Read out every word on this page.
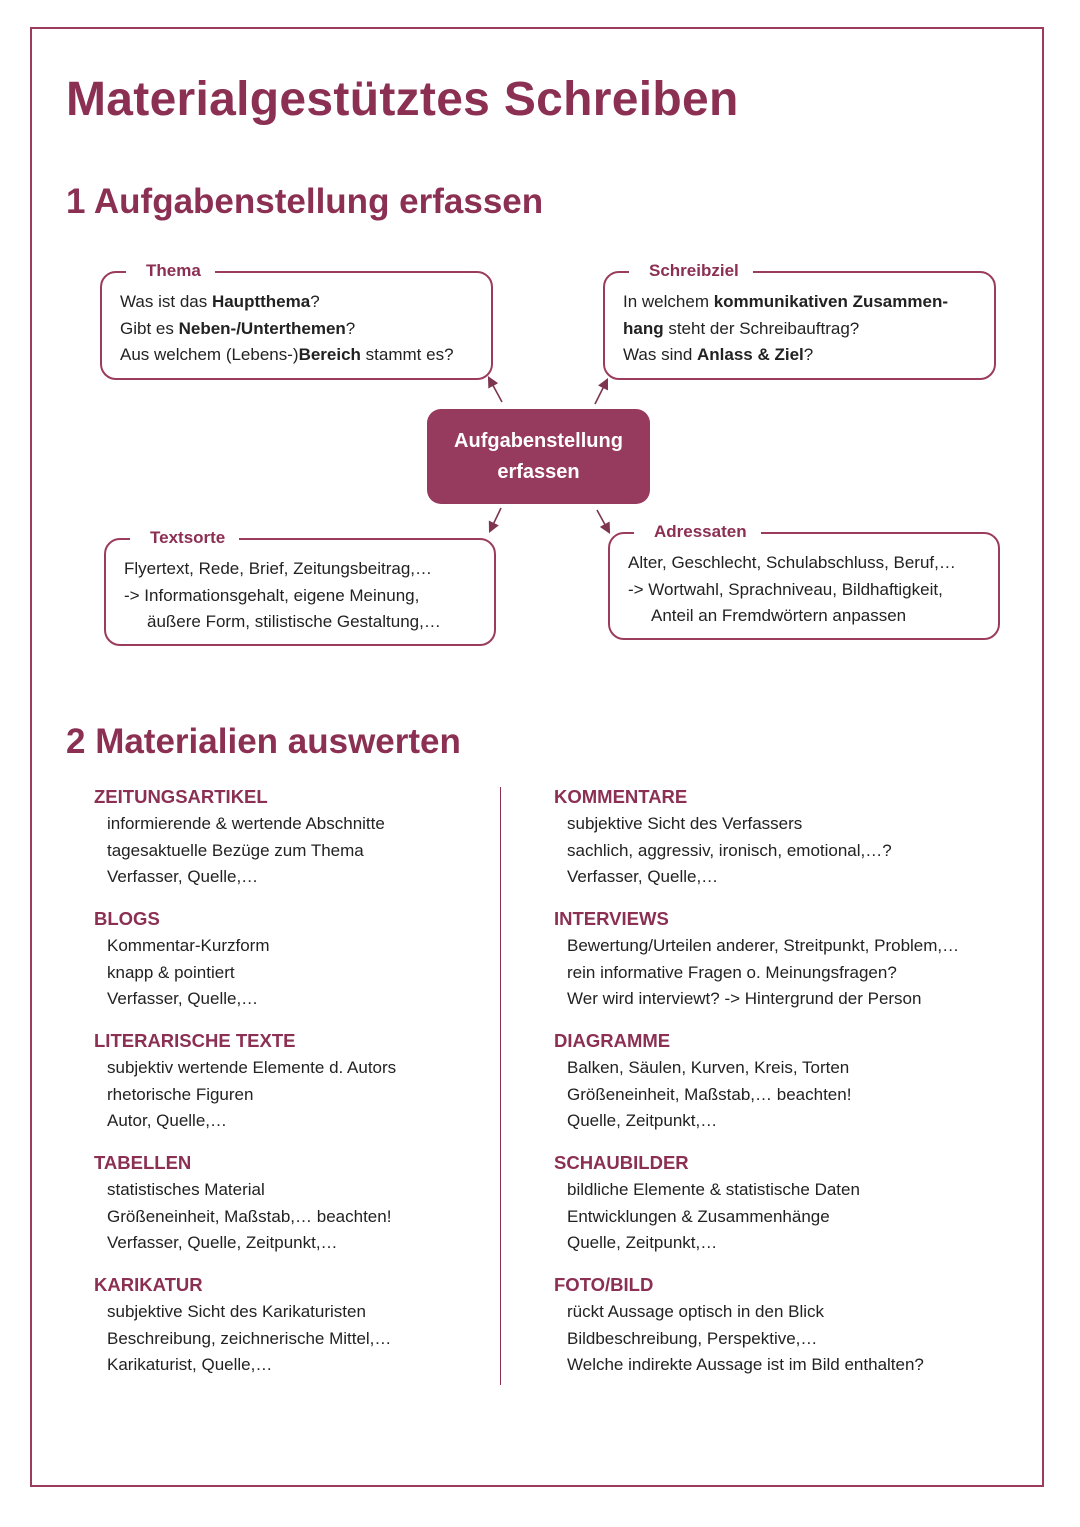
Materialgestütztes Schreiben
1 Aufgabenstellung erfassen
Thema
Was ist das Hauptthema?
Gibt es Neben-/Unterthemen?
Aus welchem (Lebens-)Bereich stammt es?
Schreibziel
In welchem kommunikativen Zusammen-
hang steht der Schreibauftrag?
Was sind Anlass & Ziel?
Aufgabenstellung
erfassen
Textsorte
Flyertext, Rede, Brief, Zeitungsbeitrag,…
-> Informationsgehalt, eigene Meinung,
äußere Form, stilistische Gestaltung,…
Adressaten
Alter, Geschlecht, Schulabschluss, Beruf,…
-> Wortwahl, Sprachniveau, Bildhaftigkeit,
Anteil an Fremdwörtern anpassen
2 Materialien auswerten
ZEITUNGSARTIKEL
informierende & wertende Abschnitte
tagesaktuelle Bezüge zum Thema
Verfasser, Quelle,…
BLOGS
Kommentar-Kurzform
knapp & pointiert
Verfasser, Quelle,…
LITERARISCHE TEXTE
subjektiv wertende Elemente d. Autors
rhetorische Figuren
Autor, Quelle,…
TABELLEN
statistisches Material
Größeneinheit, Maßstab,… beachten!
Verfasser, Quelle, Zeitpunkt,…
KARIKATUR
subjektive Sicht des Karikaturisten
Beschreibung, zeichnerische Mittel,…
Karikaturist, Quelle,…
KOMMENTARE
subjektive Sicht des Verfassers
sachlich, aggressiv, ironisch, emotional,…?
Verfasser, Quelle,…
INTERVIEWS
Bewertung/Urteilen anderer, Streitpunkt, Problem,…
rein informative Fragen o. Meinungsfragen?
Wer wird interviewt? -> Hintergrund der Person
DIAGRAMME
Balken, Säulen, Kurven, Kreis, Torten
Größeneinheit, Maßstab,… beachten!
Quelle, Zeitpunkt,…
SCHAUBILDER
bildliche Elemente & statistische Daten
Entwicklungen & Zusammenhänge
Quelle, Zeitpunkt,…
FOTO/BILD
rückt Aussage optisch in den Blick
Bildbeschreibung, Perspektive,…
Welche indirekte Aussage ist im Bild enthalten?
